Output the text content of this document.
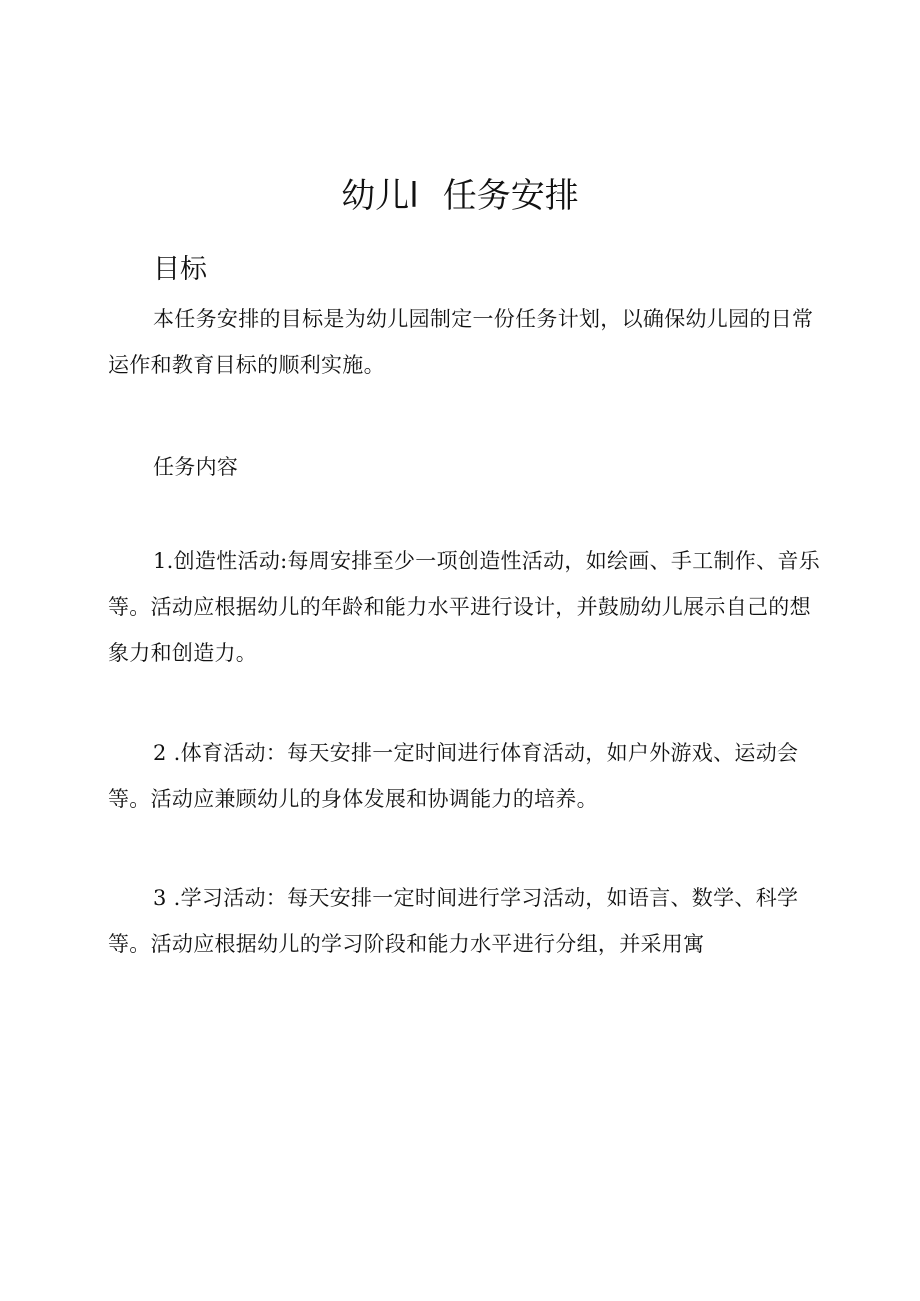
幼儿l 任务安排
目标

本任务安排的目标是为幼儿园制定一份任务计划，以确保幼儿园的日常运作和教育目标的顺利实施。

任务内容

1.创造性活动:每周安排至少一项创造性活动，如绘画、手工制作、音乐等。活动应根据幼儿的年龄和能力水平进行设计，并鼓励幼儿展示自己的想象力和创造力。

2 .体育活动：每天安排一定时间进行体育活动，如户外游戏、运动会等。活动应兼顾幼儿的身体发展和协调能力的培养。

3 .学习活动：每天安排一定时间进行学习活动，如语言、数学、科学等。活动应根据幼儿的学习阶段和能力水平进行分组，并采用寓
